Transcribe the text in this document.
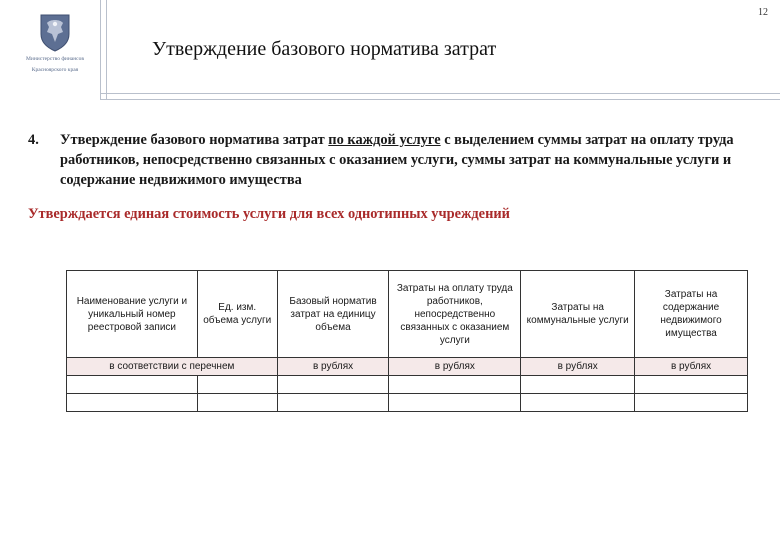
12
Министерство финансов
Красноярского края
Утверждение базового норматива затрат
4. Утверждение базового норматива затрат по каждой услуге с выделением суммы затрат на оплату труда работников, непосредственно связанных с оказанием услуги, суммы затрат на коммунальные услуги и содержание недвижимого имущества
Утверждается единая стоимость услуги для всех однотипных учреждений
Наименование услуги и уникальный номер реестровой записи	Ед. изм. объема услуги	Базовый норматив затрат на единицу объема	Затраты на оплату труда работников, непосредственно связанных с оказанием услуги	Затраты на коммунальные услуги	Затраты на содержание недвижимого имущества
в соответствии с перечнем		в рублях	в рублях	в рублях	в рублях
